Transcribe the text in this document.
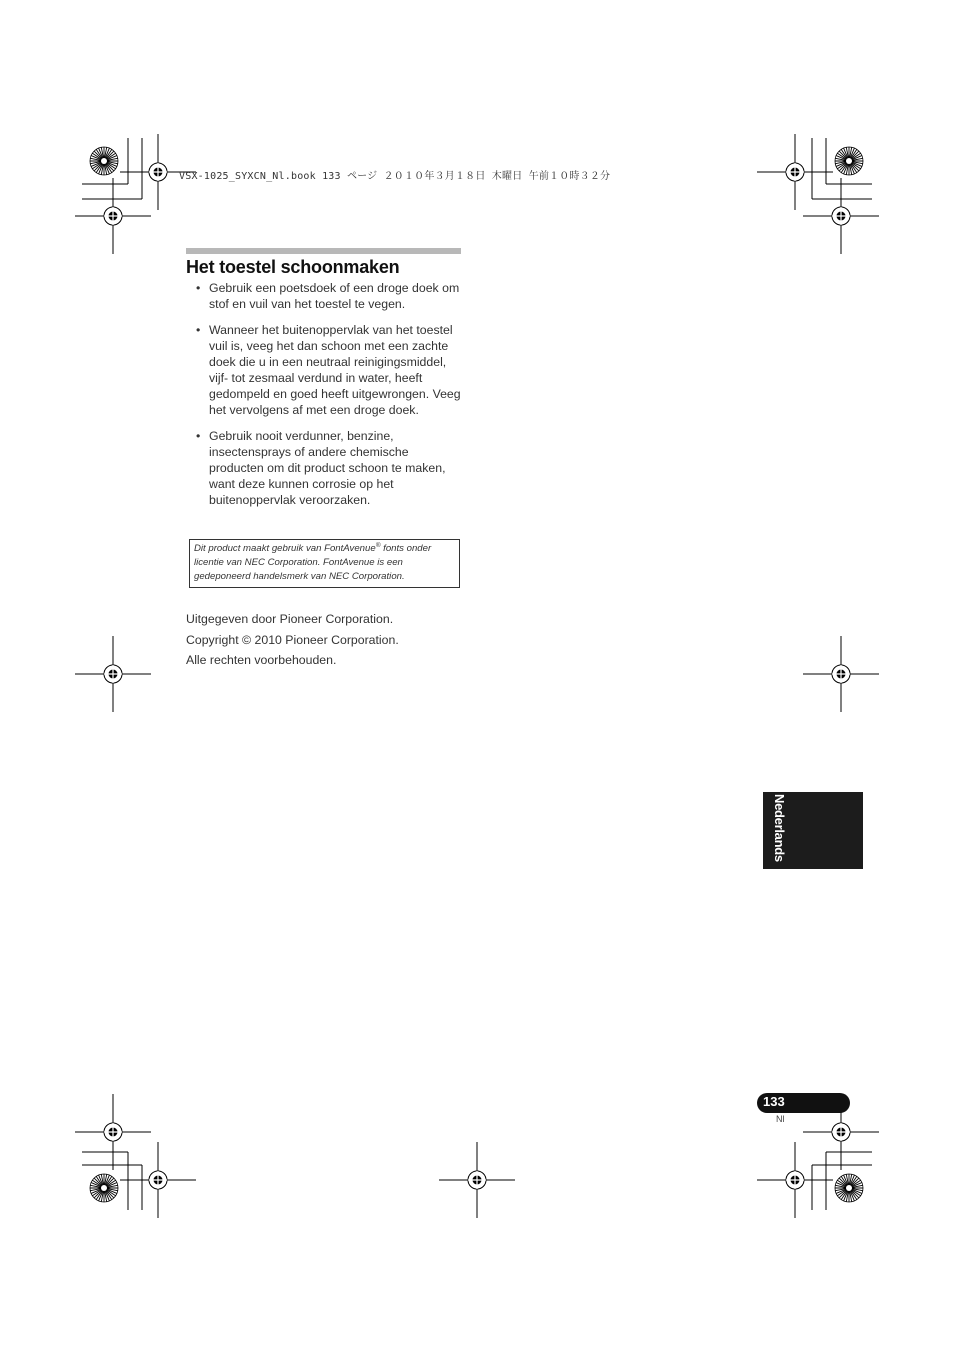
VSX-1025_SYXCN_Nl.book 133 ページ ２０１０年３月１８日 木曜日 午前１０時３２分
Het toestel schoonmaken
• Gebruik een poetsdoek of een droge doek om stof en vuil van het toestel te vegen.
• Wanneer het buitenoppervlak van het toestel vuil is, veeg het dan schoon met een zachte doek die u in een neutraal reinigingsmiddel, vijf- tot zesmaal verdund in water, heeft gedompeld en goed heeft uitgewrongen. Veeg het vervolgens af met een droge doek.
• Gebruik nooit verdunner, benzine, insectensprays of andere chemische producten om dit product schoon te maken, want deze kunnen corrosie op het buitenoppervlak veroorzaken.
Dit product maakt gebruik van FontAvenue® fonts onder licentie van NEC Corporation. FontAvenue is een gedeponeerd handelsmerk van NEC Corporation.

Uitgegeven door Pioneer Corporation.

Copyright © 2010 Pioneer Corporation.

Alle rechten voorbehouden.

Nederlands
133
Nl
